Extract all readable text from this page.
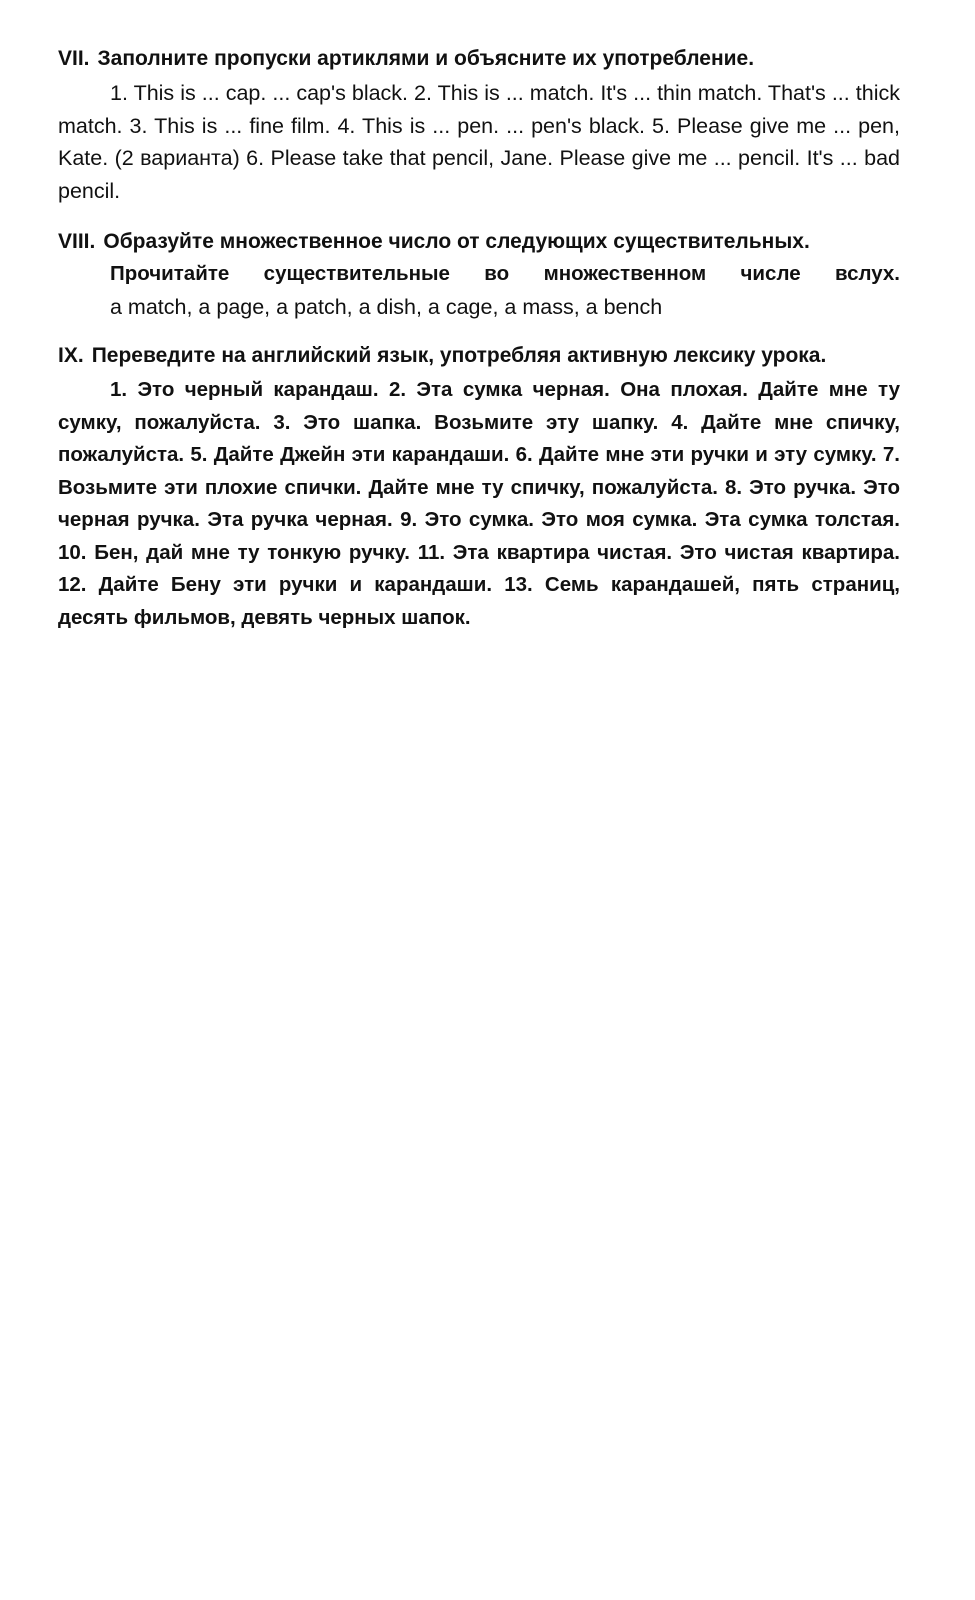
VII. Заполните пропуски артиклями и объясните их употребление.

1. This is ... cap. ... cap's black. 2. This is ... match. It's ... thin match. That's ... thick match. 3. This is ... fine film. 4. This is ... pen. ... pen's black. 5. Please give me ... pen, Kate. (2 варианта) 6. Please take that pencil, Jane. Please give me ... pencil. It's ... bad pencil.

VIII. Образуйте множественное число от следующих существительных.
Прочитайте существительные во множественном числе вслух.
a match, a page, a patch, a dish, a cage, a mass, a bench
IX. Переведите на английский язык, употребляя активную лексику урока.

1. Это черный карандаш. 2. Эта сумка черная. Она плохая. Дайте мне ту сумку, пожалуйста. 3. Это шапка. Возьмите эту шапку. 4. Дайте мне спичку, пожалуйста. 5. Дайте Джейн эти карандаши. 6. Дайте мне эти ручки и эту сумку. 7. Возьмите эти плохие спички. Дайте мне ту спичку, пожалуйста. 8. Это ручка. Это черная ручка. Эта ручка черная. 9. Это сумка. Это моя сумка. Эта сумка толстая. 10. Бен, дай мне ту тонкую ручку. 11. Эта квартира чистая. Это чистая квартира. 12. Дайте Бену эти ручки и карандаши. 13. Семь карандашей, пять страниц, десять фильмов, девять черных шапок.
